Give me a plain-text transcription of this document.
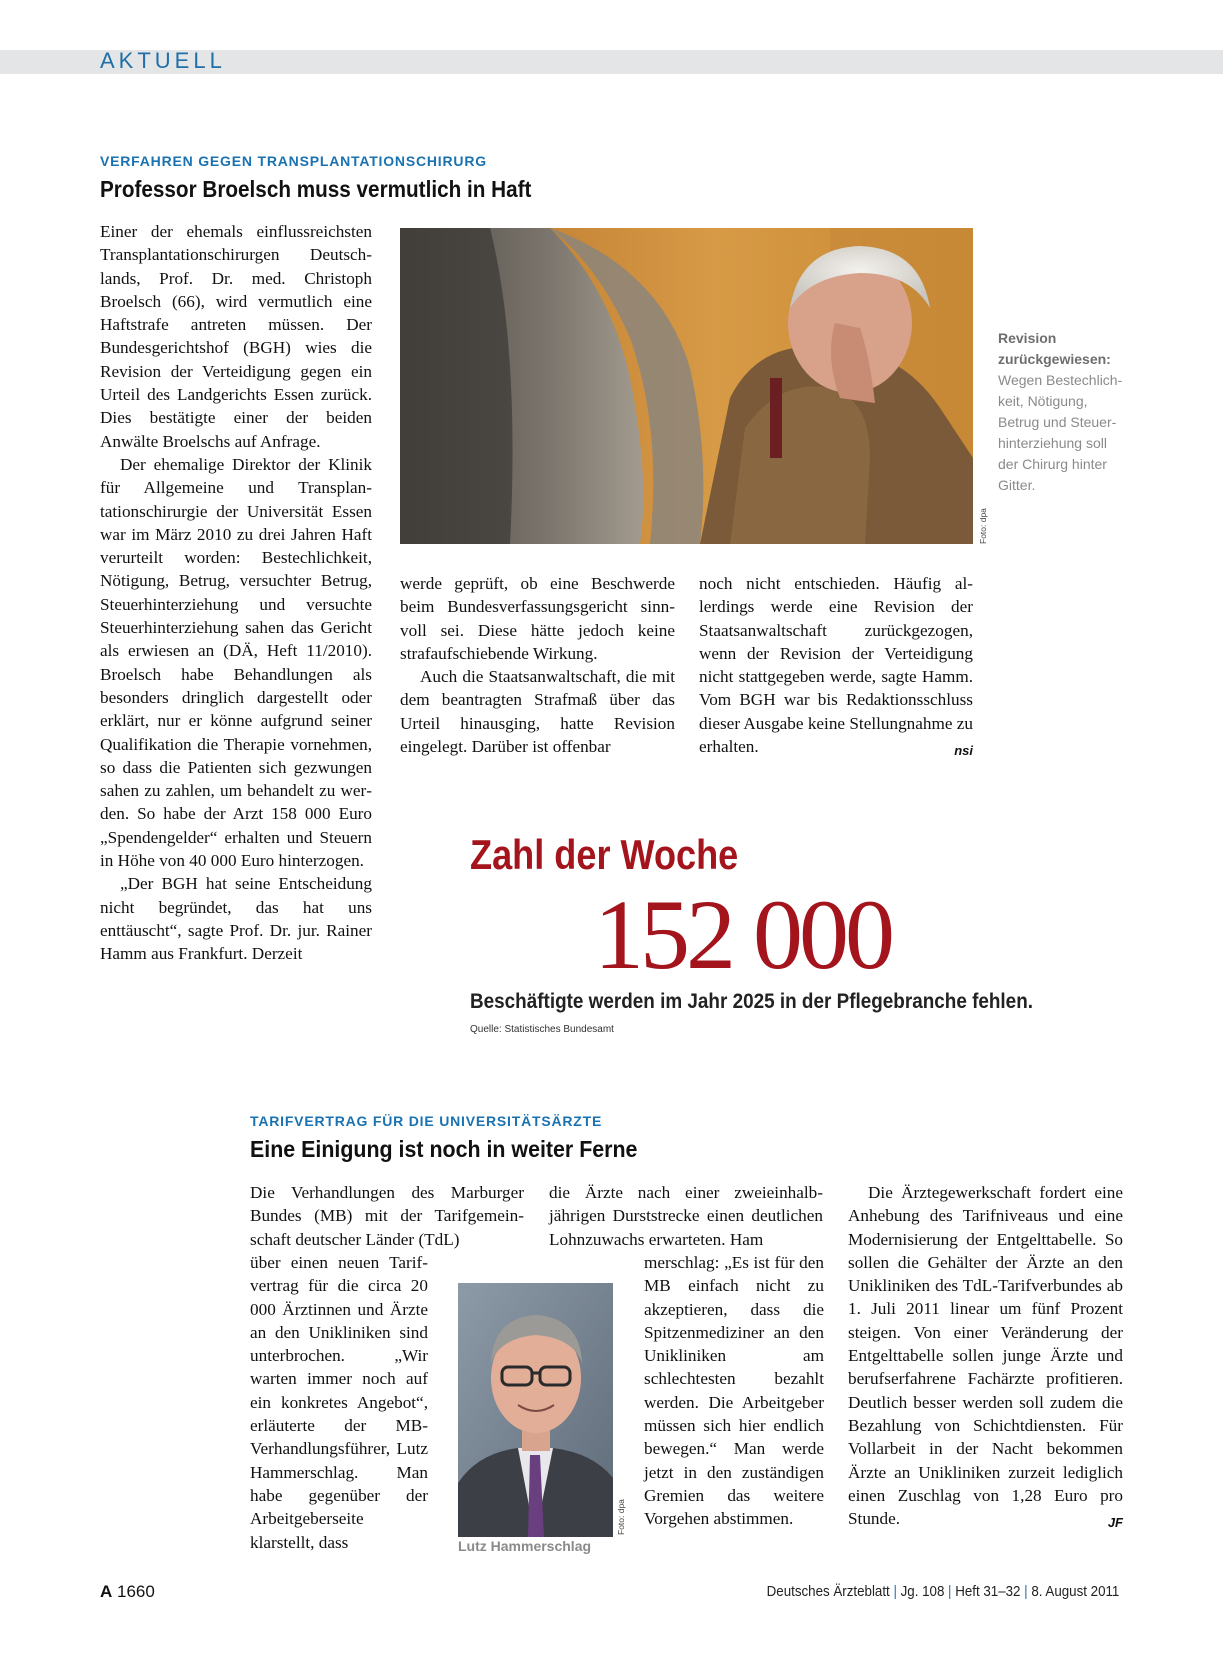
AKTUELL
VERFAHREN GEGEN TRANSPLANTATIONSCHIRURG
Professor Broelsch muss vermutlich in Haft

Einer der ehemals einflussreichsten Transplantationschirurgen Deutschlands, Prof. Dr. med. Christoph Broelsch (66), wird vermutlich eine Haftstrafe antreten müssen. Der Bundesgerichtshof (BGH) wies die Revision der Verteidigung gegen ein Urteil des Landgerichts Essen zurück. Dies bestätigte einer der beiden Anwälte Broelschs auf Anfrage.

Der ehemalige Direktor der Klinik für Allgemeine und Transplantationschirurgie der Universität Essen war im März 2010 zu drei Jahren Haft verurteilt worden: Bestechlichkeit, Nötigung, Betrug, versuchter Betrug, Steuerhinterziehung und versuchte Steuerhinterziehung sahen das Gericht als erwiesen an (DÄ, Heft 11/2010). Broelsch habe Behandlungen als besonders dringlich dargestellt oder erklärt, nur er könne aufgrund seiner Qualifikation die Therapie vornehmen, so dass die Patienten sich gezwungen sahen zu zahlen, um behandelt zu werden. So habe der Arzt 158 000 Euro „Spendengelder“ erhalten und Steuern in Höhe von 40 000 Euro hinterzogen.

„Der BGH hat seine Entscheidung nicht begründet, das hat uns enttäuscht“, sagte Prof. Dr. jur. Rainer Hamm aus Frankfurt. Derzeit

Foto: dpa
Revision zurückgewiesen: Wegen Bestechlichkeit, Nötigung, Betrug und Steuerhinterziehung soll der Chirurg hinter Gitter.

werde geprüft, ob eine Beschwerde beim Bundesverfassungsgericht sinnvoll sei. Diese hätte jedoch keine strafaufschiebende Wirkung.

Auch die Staatsanwaltschaft, die mit dem beantragten Strafmaß über das Urteil hinausging, hatte Revision eingelegt. Darüber ist offenbar

noch nicht entschieden. Häufig allerdings werde eine Revision der Staatsanwaltschaft zurückgezogen, wenn der Revision der Verteidigung nicht stattgegeben werde, sagte Hamm. Vom BGH war bis Redaktionsschluss dieser Ausgabe keine Stellungnahme zu erhalten.	nsi

Zahl der Woche
152 000
Beschäftigte werden im Jahr 2025 in der Pflegebranche fehlen.
Quelle: Statistisches Bundesamt
TARIFVERTRAG FÜR DIE UNIVERSITÄTSÄRZTE
Eine Einigung ist noch in weiter Ferne

Die Verhandlungen des Marburger Bundes (MB) mit der Tarifgemeinschaft deutscher Länder (TdL)

über einen neuen Tarifvertrag für die circa 20 000 Ärztinnen und Ärzte an den Unikliniken sind unterbrochen. „Wir warten immer noch auf ein konkretes Angebot“, erläuterte der MB-Verhandlungsführer, Lutz Hammerschlag. Man habe gegenüber der Arbeitgeberseite klarstellt, dass

Foto: dpa
Lutz Hammerschlag

die Ärzte nach einer zweieinhalbjährigen Durststrecke einen deutlichen Lohnzuwachs erwarteten. Ham

merschlag: „Es ist für den MB einfach nicht zu akzeptieren, dass die Spitzenmediziner an den Unikliniken am schlechtesten bezahlt werden. Die Arbeitgeber müssen sich hier endlich bewegen.“ Man werde jetzt in den zuständigen Gremien das weitere Vorgehen abstimmen.

Die Ärztegewerkschaft fordert eine Anhebung des Tarifniveaus und eine Modernisierung der Entgelttabelle. So sollen die Gehälter der Ärzte an den Unikliniken des TdL-Tarifverbundes ab 1. Juli 2011 linear um fünf Prozent steigen. Von einer Veränderung der Entgelttabelle sollen junge Ärzte und berufserfahrene Fachärzte profitieren. Deutlich besser werden soll zudem die Bezahlung von Schichtdiensten. Für Vollarbeit in der Nacht bekommen Ärzte an Unikliniken zurzeit lediglich einen Zuschlag von 1,28 Euro pro Stunde.	JF

A 1660	Deutsches Ärzteblatt | Jg. 108 | Heft 31–32 | 8. August 2011
